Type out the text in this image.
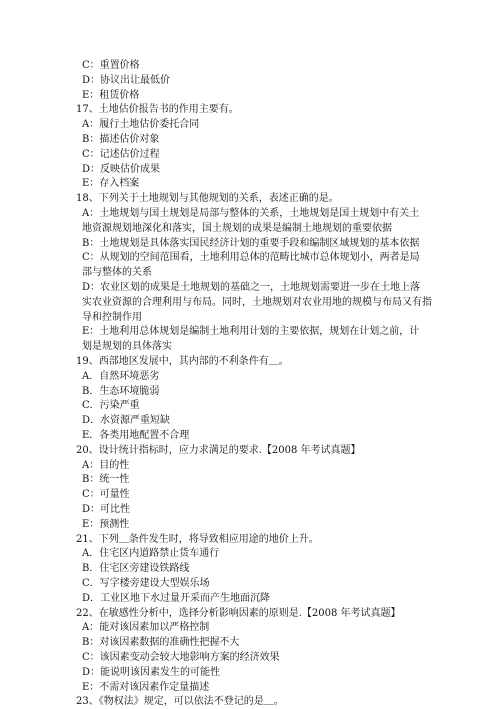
C：重置价格
D：协议出让最低价
E：租赁价格
17、土地估价报告书的作用主要有。
A：履行土地估价委托合同
B：描述估价对象
C：记述估价过程
D：反映估价成果
E：存入档案
18、下列关于土地规划与其他规划的关系，表述正确的是。
A：土地规划与国土规划是局部与整体的关系，土地规划是国土规划中有关土
地资源规划地深化和落实，国土规划的成果是编制土地规划的重要依据
B：土地规划是具体落实国民经济计划的重要手段和编制区域规划的基本依据
C：从规划的空间范围看，土地利用总体的范畴比城市总体规划小，两者是局
部与整体的关系
D：农业区划的成果是土地规划的基础之一，土地规划需要进一步在土地上落
实农业资源的合理利用与布局。同时，土地规划对农业用地的规模与布局又有指
导和控制作用
E：土地利用总体规划是编制土地利用计划的主要依据，规划在计划之前，计
划是规划的具体落实
19、西部地区发展中，其内部的不利条件有＿。
A．自然环境恶劣
B．生态环境脆弱
C．污染严重
D．水资源严重短缺
E．各类用地配置不合理
20、设计统计指标时，应力求满足的要求.【2008 年考试真题】
A：目的性
B：统一性
C：可量性
D：可比性
E：预测性
21、下列＿条件发生时，将导致相应用途的地价上升。
A．住宅区内道路禁止货车通行
B．住宅区旁建设铁路线
C．写字楼旁建设大型娱乐场
D．工业区地下水过量开采而产生地面沉降
22、在敏感性分析中，选择分析影响因素的原则是.【2008 年考试真题】
A：能对该因素加以严格控制
B：对该因素数据的准确性把握不大
C：该因素变动会较大地影响方案的经济效果
D：能说明该因素发生的可能性
E：不需对该因素作定量描述
23、《物权法》规定，可以依法不登记的是＿。
